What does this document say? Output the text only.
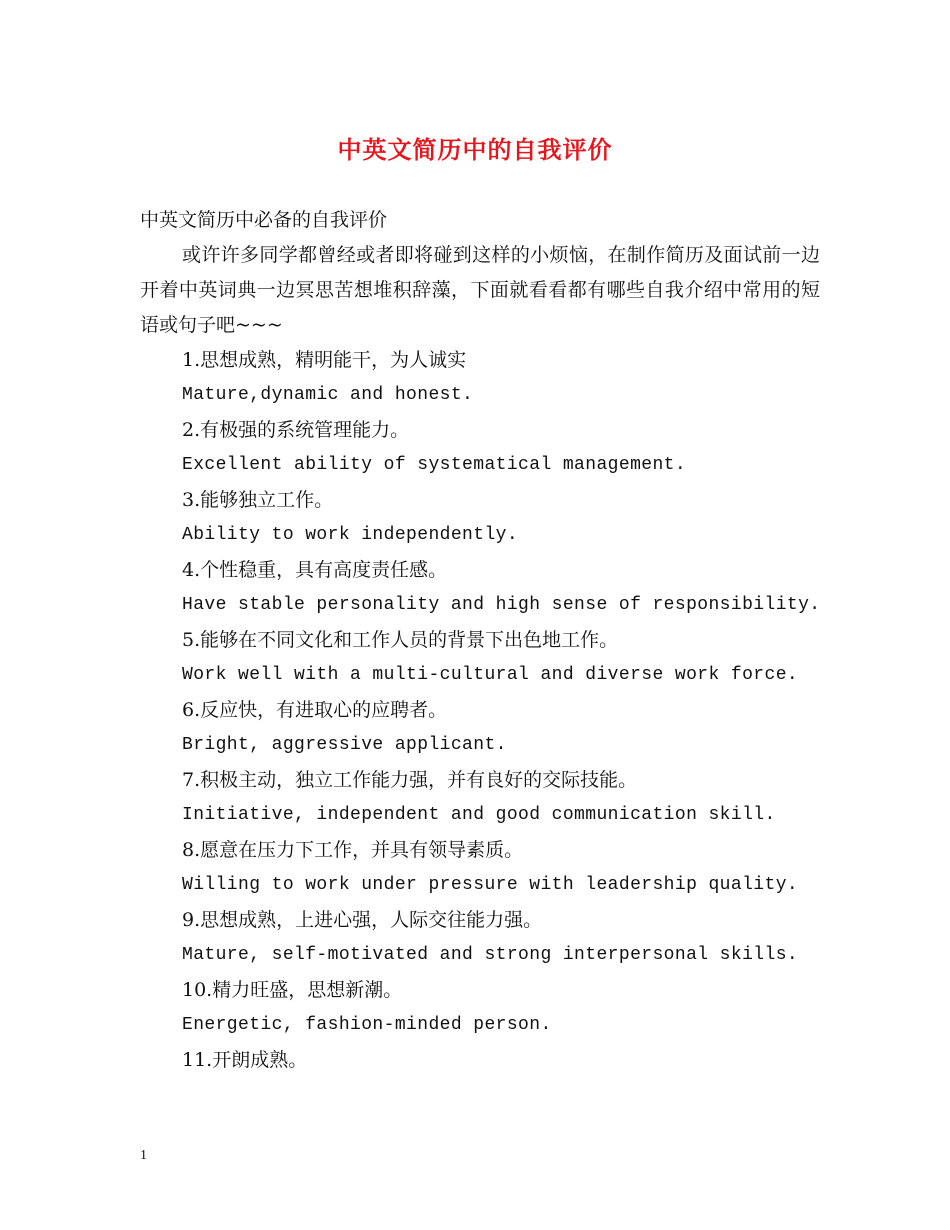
中英文简历中的自我评价
中英文简历中必备的自我评价

或许许多同学都曾经或者即将碰到这样的小烦恼，在制作简历及面试前一边开着中英词典一边冥思苦想堆积辞藻，下面就看看都有哪些自我介绍中常用的短语或句子吧~~~

1.思想成熟，精明能干，为人诚实
Mature,dynamic and honest.
2.有极强的系统管理能力。
Excellent ability of systematical management.
3.能够独立工作。
Ability to work independently.
4.个性稳重，具有高度责任感。
Have stable personality and high sense of responsibility.
5.能够在不同文化和工作人员的背景下出色地工作。
Work well with a multi-cultural and diverse work force.
6.反应快，有进取心的应聘者。
Bright, aggressive applicant.
7.积极主动，独立工作能力强，并有良好的交际技能。
Initiative, independent and good communication skill.
8.愿意在压力下工作，并具有领导素质。
Willing to work under pressure with leadership quality.
9.思想成熟，上进心强，人际交往能力强。
Mature, self-motivated and strong interpersonal skills.
10.精力旺盛，思想新潮。
Energetic, fashion-minded person.
11.开朗成熟。
1
